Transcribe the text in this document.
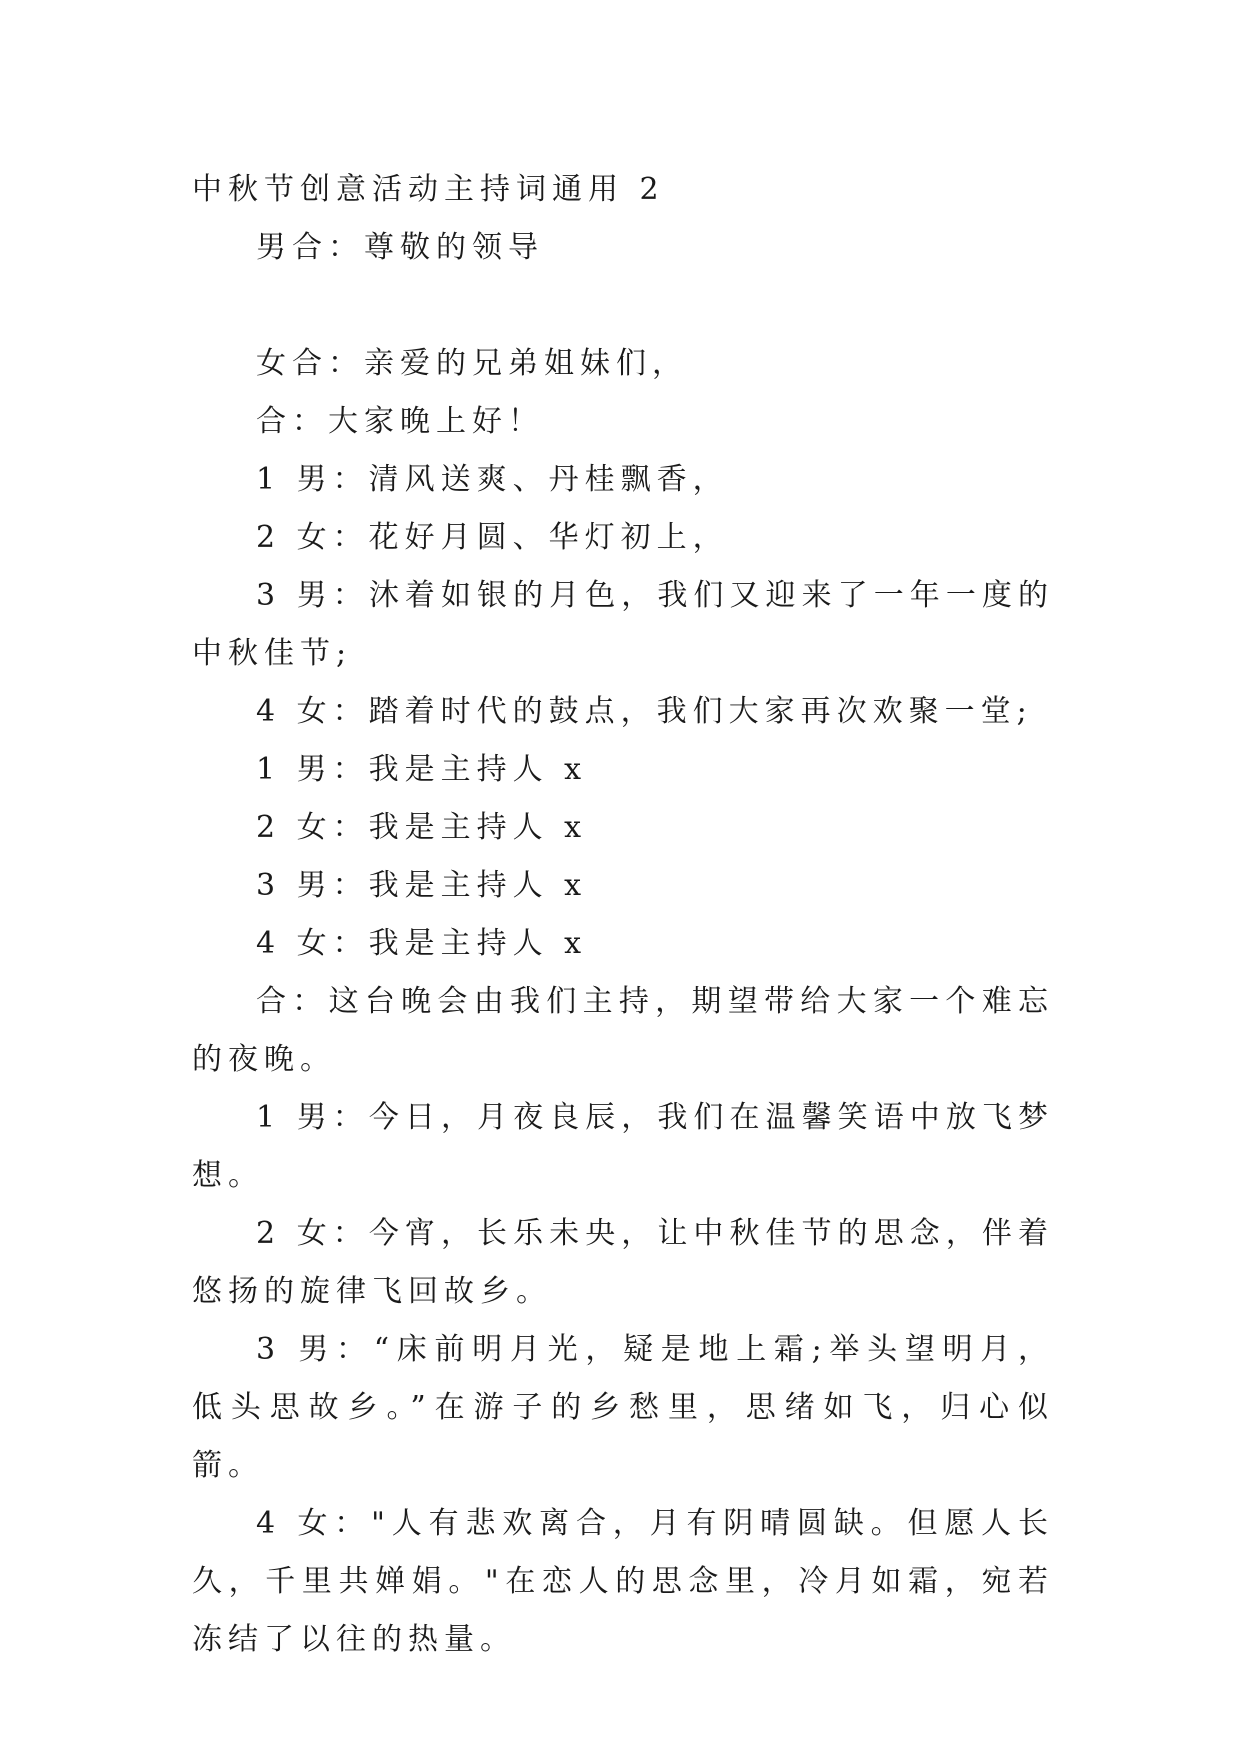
中秋节创意活动主持词通用 2

男合：尊敬的领导

女合：亲爱的兄弟姐妹们，

合：大家晚上好！

1 男：清风送爽、丹桂飘香，

2 女：花好月圆、华灯初上，

3 男：沐着如银的月色，我们又迎来了一年一度的中秋佳节;

4 女：踏着时代的鼓点，我们大家再次欢聚一堂;

1 男：我是主持人 x

2 女：我是主持人 x

3 男：我是主持人 x

4 女：我是主持人 x

合：这台晚会由我们主持，期望带给大家一个难忘的夜晚。

1 男：今日，月夜良辰，我们在温馨笑语中放飞梦想。

2 女：今宵，长乐未央，让中秋佳节的思念，伴着悠扬的旋律飞回故乡。

3 男：“床前明月光，疑是地上霜;举头望明月，低头思故乡。”在游子的乡愁里，思绪如飞，归心似箭。

4 女："人有悲欢离合，月有阴晴圆缺。但愿人长久，千里共婵娟。"在恋人的思念里，冷月如霜，宛若冻结了以往的热量。
